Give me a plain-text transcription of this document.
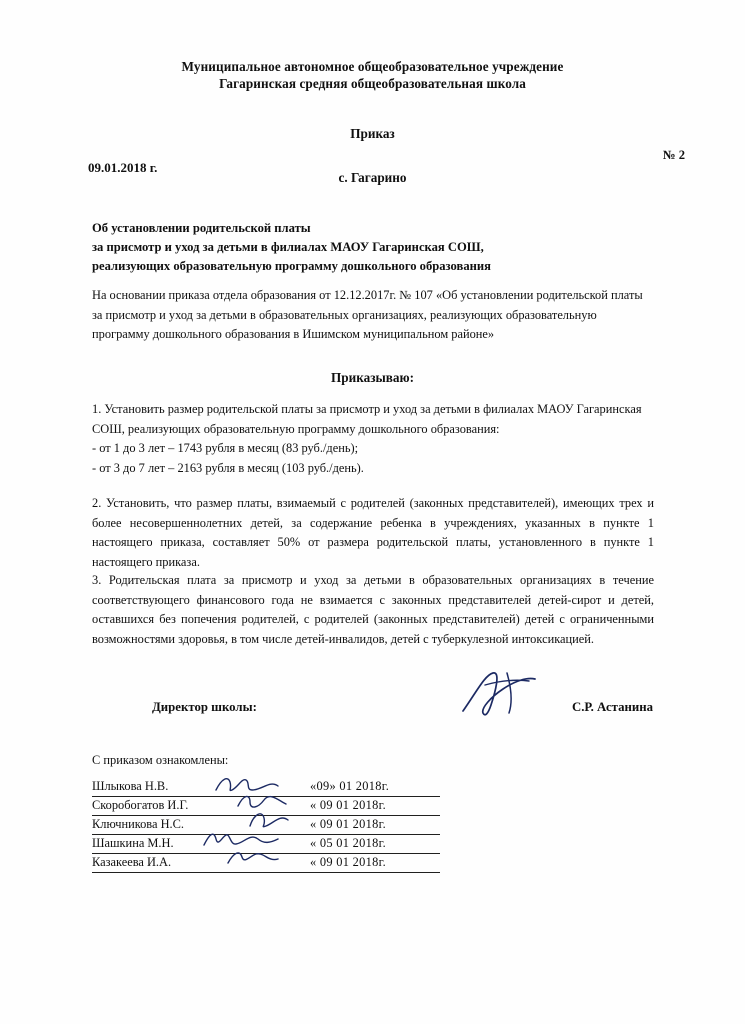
Муниципальное автономное общеобразовательное учреждение
Гагаринская средняя общеобразовательная школа
Приказ
№ 2
09.01.2018 г.
с. Гагарино
Об установлении родительской платы
за присмотр и уход за детьми в филиалах МАОУ Гагаринская СОШ,
реализующих образовательную программу дошкольного образования
На основании приказа отдела образования от 12.12.2017г. № 107 «Об установлении родительской платы за присмотр и уход за детьми в образовательных организациях, реализующих образовательную программу дошкольного образования в Ишимском муниципальном районе»
Приказываю:
1. Установить размер родительской платы за присмотр и уход за детьми в филиалах МАОУ Гагаринская СОШ, реализующих образовательную программу дошкольного образования:
- от 1 до 3 лет – 1743 рубля в месяц (83 руб./день);
- от 3 до 7 лет – 2163 рубля в месяц (103 руб./день).
2. Установить, что размер платы, взимаемый с родителей (законных представителей), имеющих трех и более несовершеннолетних детей, за содержание ребенка в учреждениях, указанных в пункте 1 настоящего приказа, составляет 50% от размера родительской платы, установленного в пункте 1 настоящего приказа.
3. Родительская плата за присмотр и уход за детьми в образовательных организациях в течение соответствующего финансового года не взимается с законных представителей детей-сирот и детей, оставшихся без попечения родителей, с родителей (законных представителей) детей с ограниченными возможностями здоровья, в том числе детей-инвалидов, детей с туберкулезной интоксикацией.
Директор школы:	С.Р. Астанина
С приказом ознакомлены:
Шлыкова Н.В.	«09» 01 2018г.
Скоробогатов И.Г.	« 09 01 2018г.
Ключникова Н.С.	« 09 01 2018г.
Шашкина М.Н.	« 05 01 2018г.
Казакеева И.А.	« 09 01 2018г.
